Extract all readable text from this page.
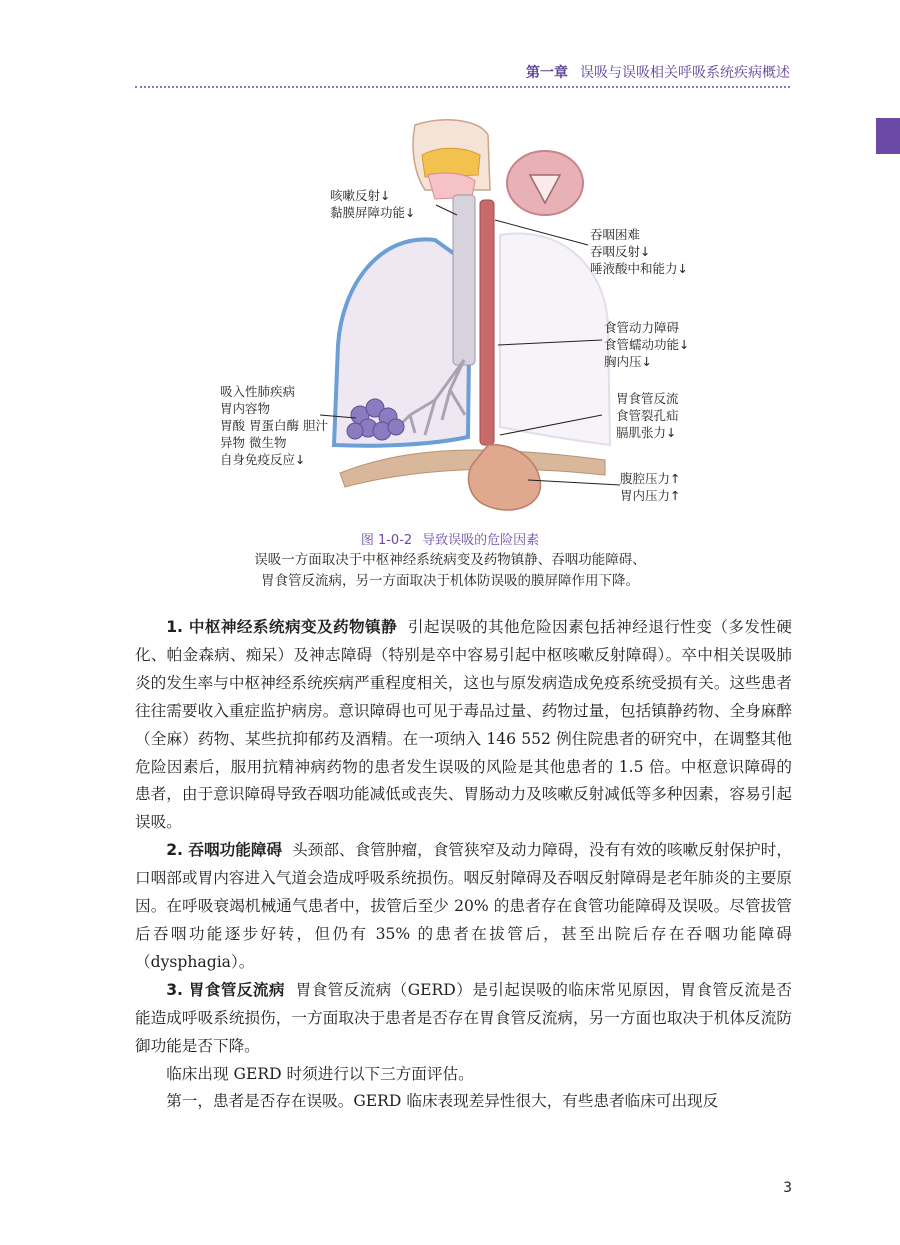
第一章 误吸与误吸相关呼吸系统疾病概述
咳嗽反射↓
黏膜屏障功能↓
吞咽困难
吞咽反射↓
唾液酸中和能力↓
食管动力障碍
食管蠕动功能↓
胸内压↓
吸入性肺疾病
胃内容物
胃酸 胃蛋白酶 胆汁
异物 微生物
自身免疫反应↓
胃食管反流
食管裂孔疝
膈肌张力↓
腹腔压力↑
胃内压力↑
图 1-0-2 导致误吸的危险因素
误吸一方面取决于中枢神经系统病变及药物镇静、吞咽功能障碍、
胃食管反流病，另一方面取决于机体防误吸的膜屏障作用下降。

1. 中枢神经系统病变及药物镇静 引起误吸的其他危险因素包括神经退行性变（多发性硬化、帕金森病、痴呆）及神志障碍（特别是卒中容易引起中枢咳嗽反射障碍）。卒中相关误吸肺炎的发生率与中枢神经系统疾病严重程度相关，这也与原发病造成免疫系统受损有关。这些患者往往需要收入重症监护病房。意识障碍也可见于毒品过量、药物过量，包括镇静药物、全身麻醉（全麻）药物、某些抗抑郁药及酒精。在一项纳入 146 552 例住院患者的研究中，在调整其他危险因素后，服用抗精神病药物的患者发生误吸的风险是其他患者的 1.5 倍。中枢意识障碍的患者，由于意识障碍导致吞咽功能减低或丧失、胃肠动力及咳嗽反射减低等多种因素，容易引起误吸。

2. 吞咽功能障碍 头颈部、食管肿瘤，食管狭窄及动力障碍，没有有效的咳嗽反射保护时，口咽部或胃内容进入气道会造成呼吸系统损伤。咽反射障碍及吞咽反射障碍是老年肺炎的主要原因。在呼吸衰竭机械通气患者中，拔管后至少 20% 的患者存在食管功能障碍及误吸。尽管拔管后吞咽功能逐步好转，但仍有 35% 的患者在拔管后，甚至出院后存在吞咽功能障碍（dysphagia）。

3. 胃食管反流病 胃食管反流病（GERD）是引起误吸的临床常见原因，胃食管反流是否能造成呼吸系统损伤，一方面取决于患者是否存在胃食管反流病，另一方面也取决于机体反流防御功能是否下降。

临床出现 GERD 时须进行以下三方面评估。

第一，患者是否存在误吸。GERD 临床表现差异性很大，有些患者临床可出现反

3
